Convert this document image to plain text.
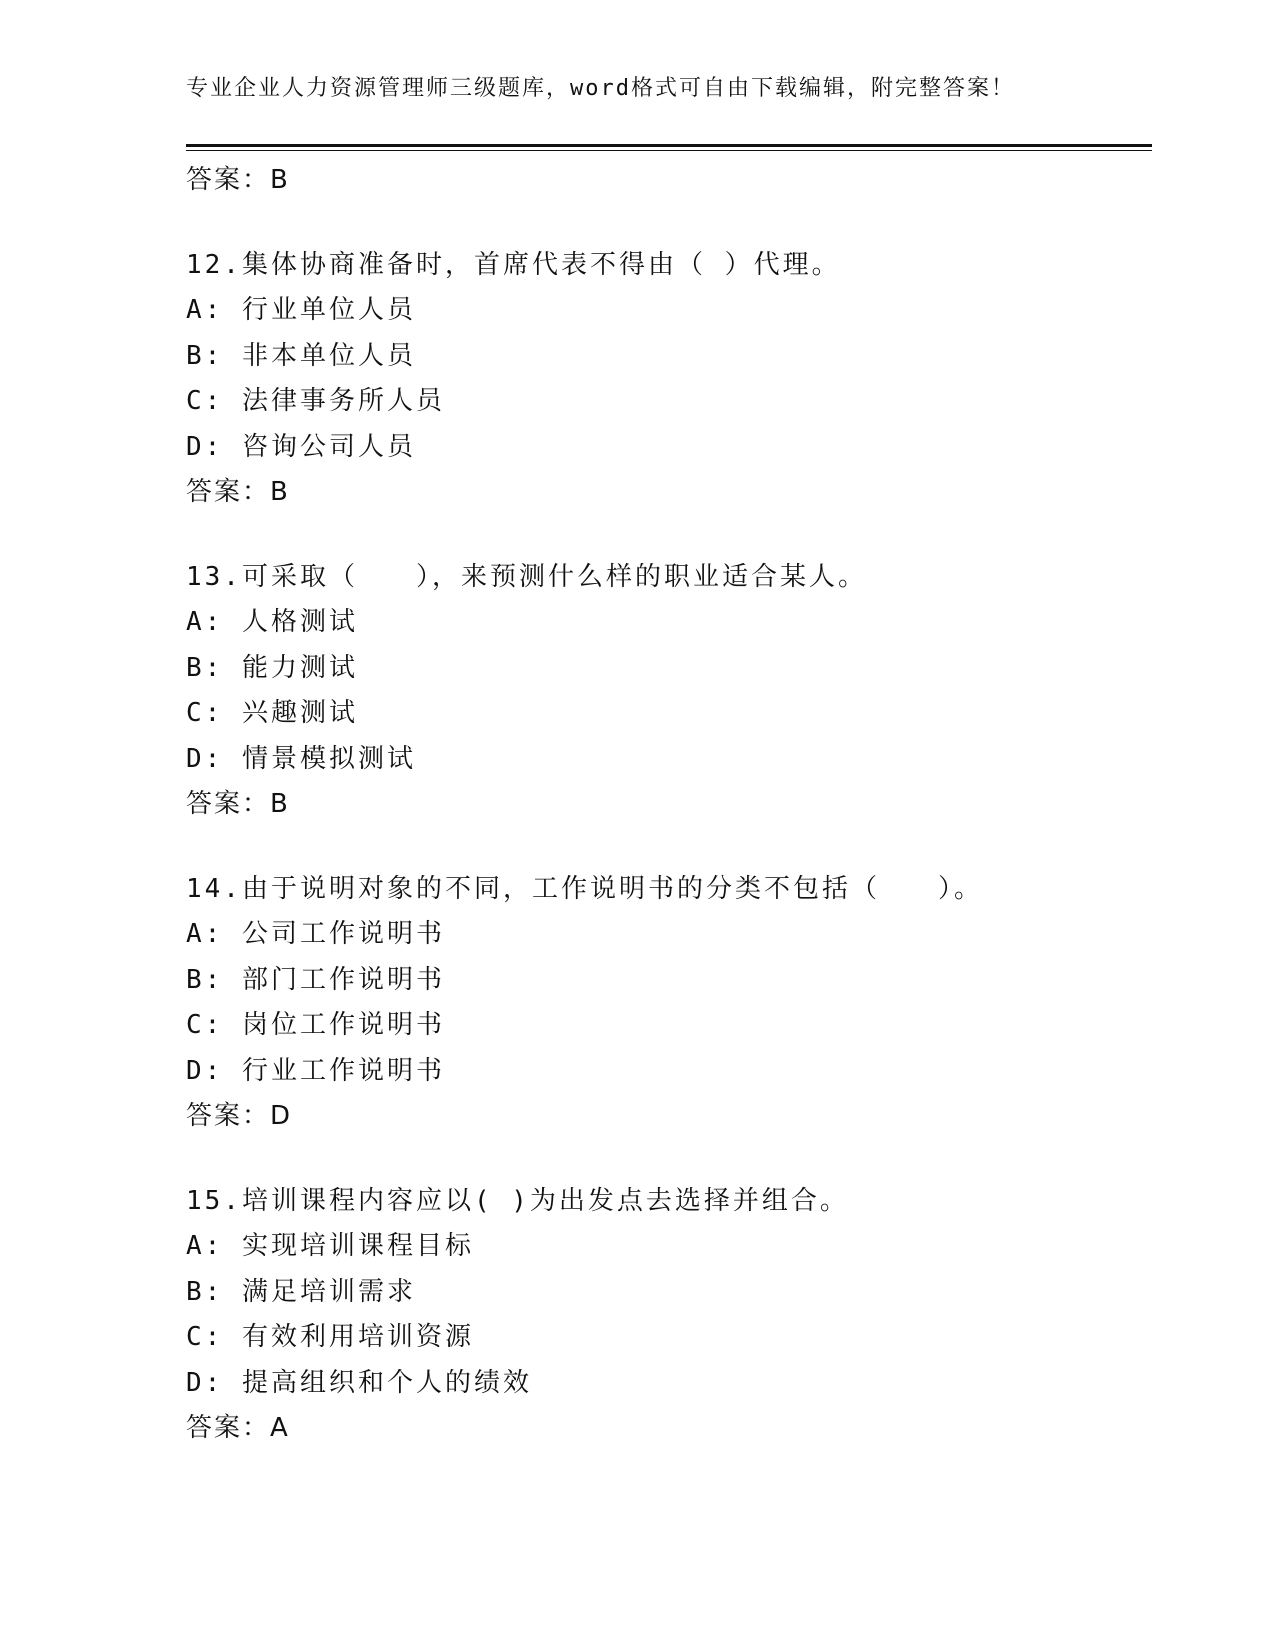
专业企业人力资源管理师三级题库，word格式可自由下载编辑，附完整答案！
答案：B
12.集体协商准备时，首席代表不得由（ ）代理。
A: 行业单位人员
B: 非本单位人员
C: 法律事务所人员
D: 咨询公司人员
答案：B
13.可采取（　　），来预测什么样的职业适合某人。
A: 人格测试
B: 能力测试
C: 兴趣测试
D: 情景模拟测试
答案：B
14.由于说明对象的不同，工作说明书的分类不包括（　　）。
A: 公司工作说明书
B: 部门工作说明书
C: 岗位工作说明书
D: 行业工作说明书
答案：D
15.培训课程内容应以( )为出发点去选择并组合。
A: 实现培训课程目标
B: 满足培训需求
C: 有效利用培训资源
D: 提高组织和个人的绩效
答案：A
